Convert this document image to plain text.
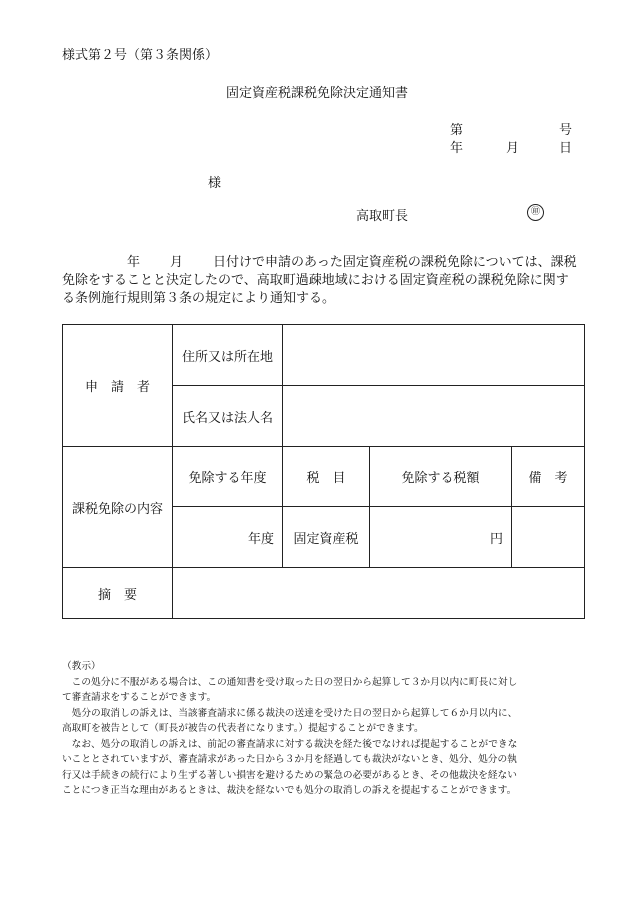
様式第２号（第３条関係）
固定資産税課税免除決定通知書
第	号
年	月	日
様
高取町長	㊞
年 月 日付けで申請のあった固定資産税の課税免除については、課税
免除をすることと決定したので、高取町過疎地域における固定資産税の課税免除に関す
る条例施行規則第３条の規定により通知する。
申　請　者	住所又は所在地			
	氏名又は法人名			
課税免除の内容	免除する年度	税　目	免除する税額	備　考
	年度	固定資産税	円	
摘　要				
（教示）
　この処分に不服がある場合は、この通知書を受け取った日の翌日から起算して３か月以内に町長に対し
て審査請求をすることができます。
　処分の取消しの訴えは、当該審査請求に係る裁決の送達を受けた日の翌日から起算して６か月以内に、
高取町を被告として（町長が被告の代表者になります。）提起することができます。
　なお、処分の取消しの訴えは、前記の審査請求に対する裁決を経た後でなければ提起することができな
いこととされていますが、審査請求があった日から３か月を経過しても裁決がないとき、処分、処分の執
行又は手続きの続行により生ずる著しい損害を避けるための緊急の必要があるとき、その他裁決を経ない
ことにつき正当な理由があるときは、裁決を経ないでも処分の取消しの訴えを提起することができます。
